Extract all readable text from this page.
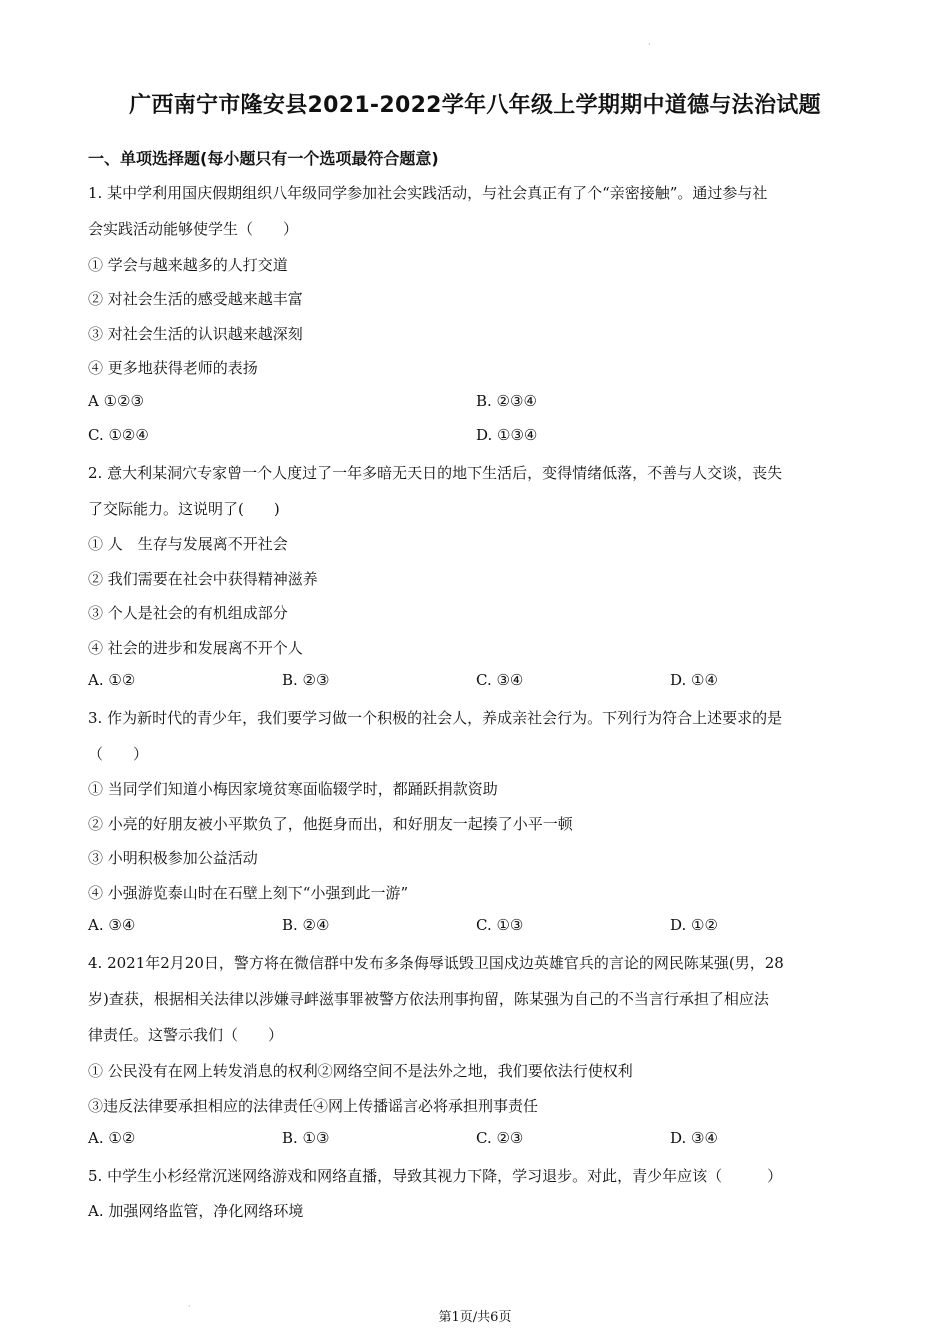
·
广西南宁市隆安县2021-2022学年八年级上学期期中道德与法治试题
一、单项选择题(每小题只有一个选项最符合题意)
1. 某中学利用国庆假期组织八年级同学参加社会实践活动，与社会真正有了个“亲密接触”。通过参与社
会实践活动能够使学生（　　）
① 学会与越来越多的人打交道
② 对社会生活的感受越来越丰富
③ 对社会生活的认识越来越深刻
④ 更多地获得老师的表扬
A ①②③	B. ②③④
C. ①②④	D. ①③④
2. 意大利某洞穴专家曾一个人度过了一年多暗无天日的地下生活后，变得情绪低落，不善与人交谈，丧失
了交际能力。这说明了(　　)
① 人　生存与发展离不开社会
② 我们需要在社会中获得精神滋养
③ 个人是社会的有机组成部分
④ 社会的进步和发展离不开个人
A. ①②	B. ②③	C. ③④	D. ①④
3. 作为新时代的青少年，我们要学习做一个积极的社会人，养成亲社会行为。下列行为符合上述要求的是
（　　）
① 当同学们知道小梅因家境贫寒面临辍学时，都踊跃捐款资助
② 小亮的好朋友被小平欺负了，他挺身而出，和好朋友一起揍了小平一顿
③ 小明积极参加公益活动
④ 小强游览泰山时在石壁上刻下“小强到此一游”
A. ③④	B. ②④	C. ①③	D. ①②
4. 2021年2月20日，警方将在微信群中发布多条侮辱诋毁卫国戍边英雄官兵的言论的网民陈某强(男，28
岁)查获，根据相关法律以涉嫌寻衅滋事罪被警方依法刑事拘留，陈某强为自己的不当言行承担了相应法
律责任。这警示我们（　　）
① 公民没有在网上转发消息的权利②网络空间不是法外之地，我们要依法行使权利
③违反法律要承担相应的法律责任④网上传播谣言必将承担刑事责任
A. ①②	B. ①③	C. ②③	D. ③④
5. 中学生小杉经常沉迷网络游戏和网络直播，导致其视力下降，学习退步。对此，青少年应该（　　　）
A. 加强网络监管，净化网络环境
·
第1页/共6页
